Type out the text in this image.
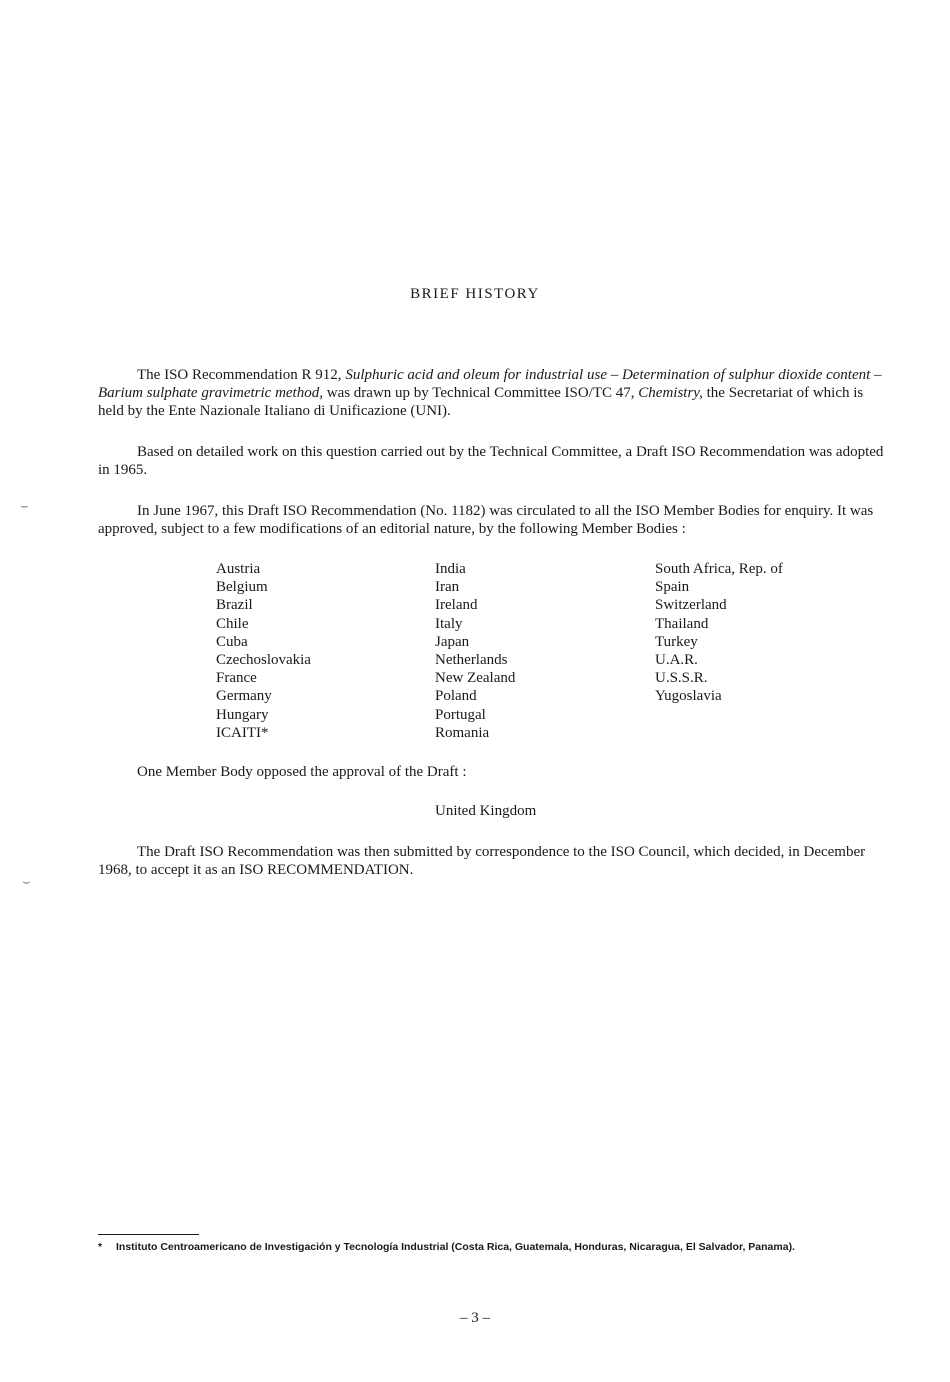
BRIEF HISTORY

The ISO Recommendation R 912, Sulphuric acid and oleum for industrial use – Determination of sulphur dioxide content – Barium sulphate gravimetric method, was drawn up by Technical Committee ISO/TC 47, Chemistry, the Secretariat of which is held by the Ente Nazionale Italiano di Unificazione (UNI).

Based on detailed work on this question carried out by the Technical Committee, a Draft ISO Recommendation was adopted in 1965.

In June 1967, this Draft ISO Recommendation (No. 1182) was circulated to all the ISO Member Bodies for enquiry. It was approved, subject to a few modifications of an editorial nature, by the following Member Bodies :

Austria
Belgium
Brazil
Chile
Cuba
Czechoslovakia
France
Germany
Hungary
ICAITI*
India
Iran
Ireland
Italy
Japan
Netherlands
New Zealand
Poland
Portugal
Romania
South Africa, Rep. of
Spain
Switzerland
Thailand
Turkey
U.A.R.
U.S.S.R.
Yugoslavia
One Member Body opposed the approval of the Draft :
United Kingdom

The Draft ISO Recommendation was then submitted by correspondence to the ISO Council, which decided, in December 1968, to accept it as an ISO RECOMMENDATION.

⌣
⌣
*	Instituto Centroamericano de Investigación y Tecnología Industrial (Costa Rica, Guatemala, Honduras, Nicaragua, El Salvador, Panama).
– 3 –
